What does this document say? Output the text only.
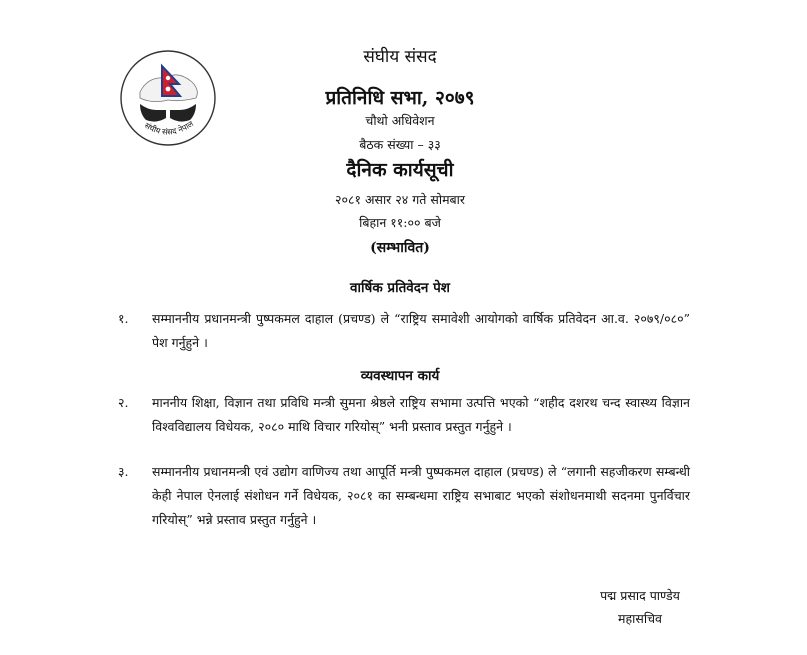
संघीय संसद नेपाल
संघीय संसद
प्रतिनिधि सभा, २०७९
चौथो अधिवेशन
बैठक संख्या – ३३
दैनिक कार्यसूची
२०८१ असार २४ गते सोमबार
बिहान ११:०० बजे
(सम्भावित)
वार्षिक प्रतिवेदन पेश
१.	सम्माननीय प्रधानमन्त्री पुष्पकमल दाहाल (प्रचण्ड) ले “राष्ट्रिय समावेशी आयोगको वार्षिक प्रतिवेदन आ.व. २०७९/०८०” पेश गर्नुहुने ।
व्यवस्थापन कार्य
२.	माननीय शिक्षा, विज्ञान तथा प्रविधि मन्त्री सुमना श्रेष्ठले राष्ट्रिय सभामा उत्पत्ति भएको “शहीद दशरथ चन्द स्वास्थ्य विज्ञान विश्वविद्यालय विधेयक, २०८० माथि विचार गरियोस्” भनी प्रस्ताव प्रस्तुत गर्नुहुने ।
३.	सम्माननीय प्रधानमन्त्री एवं उद्योग वाणिज्य तथा आपूर्ति मन्त्री पुष्पकमल दाहाल (प्रचण्ड) ले “लगानी सहजीकरण सम्बन्धी केही नेपाल ऐनलाई संशोधन गर्ने विधेयक, २०८१ का सम्बन्धमा राष्ट्रिय सभाबाट भएको संशोधनमाथी सदनमा पुनर्विचार गरियोस्” भन्ने प्रस्ताव प्रस्तुत गर्नुहुने ।
पद्म प्रसाद पाण्डेय
महासचिव
